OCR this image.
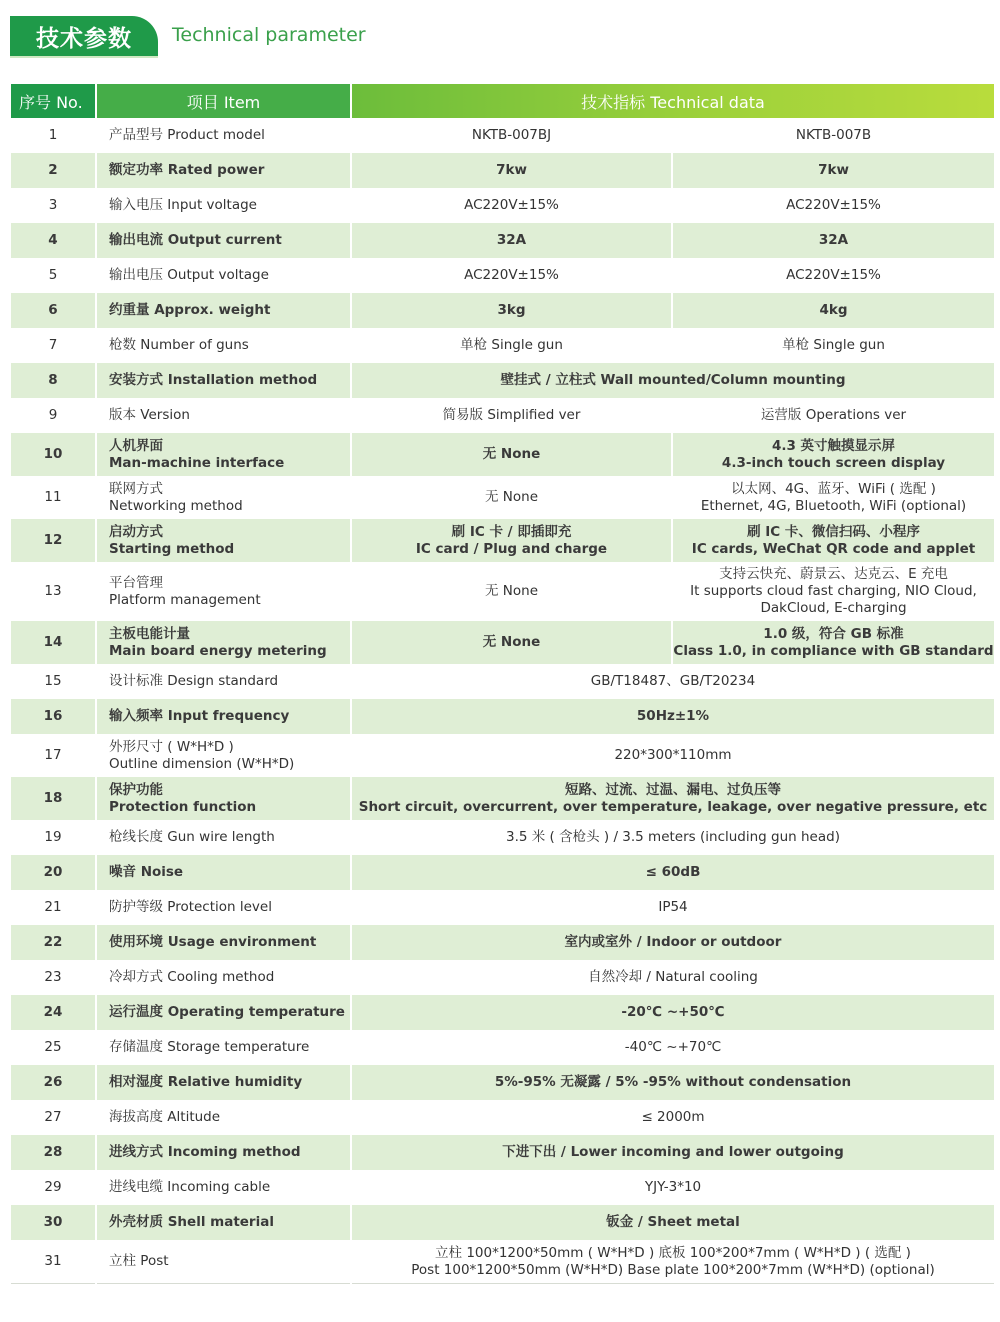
技术参数 Technical parameter
序号 No.	项目 Item	技术指标 Technical data	
1	产品型号 Product model	NKTB-007BJ	NKTB-007B

2	额定功率 Rated power	7kw	7kw

3	输入电压 Input voltage	AC220V±15%	AC220V±15%

4	输出电流 Output current	32A	32A

5	输出电压 Output voltage	AC220V±15%	AC220V±15%

6	约重量 Approx. weight	3kg	4kg

7	枪数 Number of guns	单枪 Single gun	单枪 Single gun

8	安装方式 Installation method	壁挂式 / 立柱式 Wall mounted/Column mounting	

9	版本 Version	简易版 Simplified ver	运营版 Operations ver

10	人机界面
Man-machine interface	无 None	4.3 英寸触摸显示屏
4.3-inch touch screen display

11	联网方式
Networking method	无 None	以太网、4G、蓝牙、WiFi ( 选配 )
Ethernet, 4G, Bluetooth, WiFi (optional)

12	启动方式
Starting method	刷 IC 卡 / 即插即充
IC card / Plug and charge	刷 IC 卡、微信扫码、小程序
IC cards, WeChat QR code and applet

13	平台管理
Platform management	无 None	支持云快充、蔚景云、达克云、E 充电
It supports cloud fast charging, NIO Cloud,
DakCloud, E-charging

14	主板电能计量
Main board energy metering	无 None	1.0 级，符合 GB 标准
Class 1.0, in compliance with GB standard

15	设计标准 Design standard	GB/T18487、GB/T20234	

16	输入频率 Input frequency	50Hz±1%	

17	外形尺寸 ( W*H*D )
Outline dimension (W*H*D)	220*300*110mm	

18	保护功能
Protection function	短路、过流、过温、漏电、过负压等
Short circuit, overcurrent, over temperature, leakage, over negative pressure, etc	

19	枪线长度 Gun wire length	3.5 米 ( 含枪头 ) / 3.5 meters (including gun head)	

20	噪音 Noise	≤ 60dB	

21	防护等级 Protection level	IP54	

22	使用环境 Usage environment	室内或室外 / Indoor or outdoor	

23	冷却方式 Cooling method	自然冷却 / Natural cooling	

24	运行温度 Operating temperature	-20℃ ~+50℃	

25	存储温度 Storage temperature	-40℃ ~+70℃	

26	相对湿度 Relative humidity	5%-95% 无凝露 / 5% -95% without condensation	

27	海拔高度 Altitude	≤ 2000m	

28	进线方式 Incoming method	下进下出 / Lower incoming and lower outgoing	

29	进线电缆 Incoming cable	YJY-3*10	

30	外壳材质 Shell material	钣金 / Sheet metal	

31	立柱 Post	立柱 100*1200*50mm ( W*H*D ) 底板 100*200*7mm ( W*H*D ) ( 选配 )
Post 100*1200*50mm (W*H*D) Base plate 100*200*7mm (W*H*D) (optional)	
